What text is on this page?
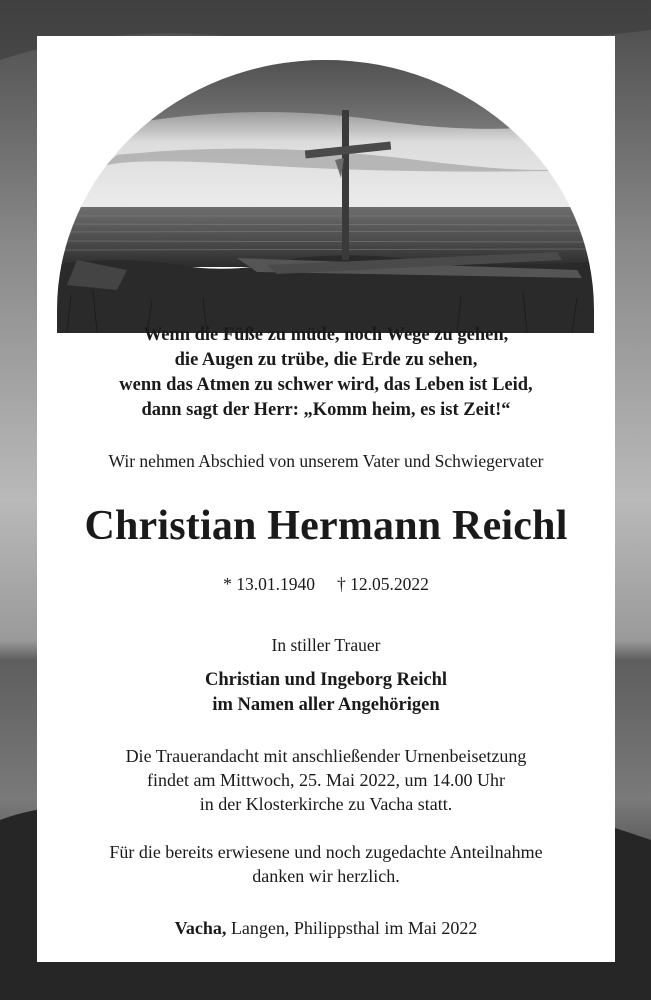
Wenn die Füße zu müde, noch Wege zu gehen,
die Augen zu trübe, die Erde zu sehen,
wenn das Atmen zu schwer wird, das Leben ist Leid,
dann sagt der Herr: „Komm heim, es ist Zeit!“
Wir nehmen Abschied von unserem Vater und Schwiegervater
Christian Hermann Reichl
* 13.01.1940 † 12.05.2022
In stiller Trauer
Christian und Ingeborg Reichl
im Namen aller Angehörigen
Die Trauerandacht mit anschließender Urnenbeisetzung
findet am Mittwoch, 25. Mai 2022, um 14.00 Uhr
in der Klosterkirche zu Vacha statt.
Für die bereits erwiesene und noch zugedachte Anteilnahme
danken wir herzlich.
Vacha, Langen, Philippsthal im Mai 2022
